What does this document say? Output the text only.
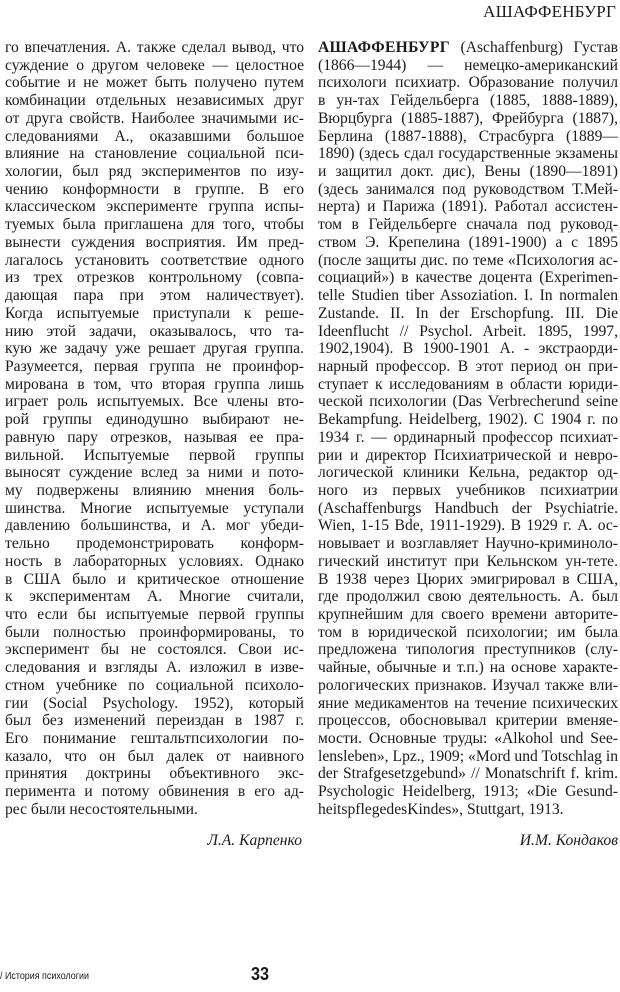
АШАФФЕНБУРГ
го впечатления. А. также сделал вывод, что
суждение о другом человеке — целостное
событие и не может быть получено путем
комбинации отдельных независимых друг
от друга свойств. Наиболее значимыми ис-
следованиями А., оказавшими большое
влияние на становление социальной пси-
хологии, был ряд экспериментов по изу-
чению конформности в группе. В его
классическом эксперименте группа испы-
туемых была приглашена для того, чтобы
вынести суждения восприятия. Им пред-
лагалось установить соответствие одного
из трех отрезков контрольному (совпа-
дающая пара при этом наличествует).
Когда испытуемые приступали к реше-
нию этой задачи, оказывалось, что та-
кую же задачу уже решает другая группа.
Разумеется, первая группа не проинфор-
мирована в том, что вторая группа лишь
играет роль испытуемых. Все члены вто-
рой группы единодушно выбирают не-
равную пару отрезков, называя ее пра-
вильной. Испытуемые первой группы
выносят суждение вслед за ними и пото-
му подвержены влиянию мнения боль-
шинства. Многие испытуемые уступали
давлению большинства, и А. мог убеди-
тельно продемонстрировать конформ-
ность в лабораторных условиях. Однако
в США было и критическое отношение
к экспериментам А. Многие считали,
что если бы испытуемые первой группы
были полностью проинформированы, то
эксперимент бы не состоялся. Свои ис-
следования и взгляды А. изложил в изве-
стном учебнике по социальной психоло-
гии (Social Psychology. 1952), который
был без изменений переиздан в 1987 г.
Его понимание гештальтпсихологии по-
казало, что он был далек от наивного
принятия доктрины объективного экс-
перимента и потому обвинения в его ад-
рес были несостоятельными.
Л.А. Карпенко
АШАФФЕНБУРГ (Aschaffenburg) Густав
(1866—1944) — немецко-американский
психологи психиатр. Образование получил
в ун-тах Гейдельберга (1885, 1888-1889),
Вюрцбурга (1885-1887), Фрейбурга (1887),
Берлина (1887-1888), Страсбурга (1889—
1890) (здесь сдал государственные экзамены
и защитил докт. дис), Вены (1890—1891)
(здесь занимался под руководством Т.Мей-
нерта) и Парижа (1891). Работал ассистен-
том в Гейдельберге сначала под руковод-
ством Э. Крепелина (1891-1900) а с 1895
(после защиты дис. по теме «Психология ас-
социаций») в качестве доцента (Experimen-
telle Studien tiber Assoziation. I. In normalen
Zustande. II. In der Erschopfung. III. Die
Ideenflucht // Psychol. Arbeit. 1895, 1997,
1902,1904). В 1900-1901 А. - экстраорди-
нарный профессор. В этот период он при-
ступает к исследованиям в области юриди-
ческой психологии (Das Verbrecherund seine
Bekampfung. Heidelberg, 1902). С 1904 г. по
1934 г. — ординарный профессор психиат-
рии и директор Психиатрической и невро-
логической клиники Кельна, редактор од-
ного из первых учебников психиатрии
(Aschaffenburgs Handbuch der Psychiatrie.
Wien, 1-15 Bde, 1911-1929). В 1929 г. А. ос-
новывает и возглавляет Научно-криминоло-
гический институт при Кельнском ун-тете.
В 1938 через Цюрих эмигрировал в США,
где продолжил свою деятельность. А. был
крупнейшим для своего времени авторите-
том в юридической психологии; им была
предложена типология преступников (слу-
чайные, обычные и т.п.) на основе характе-
рологических признаков. Изучал также вли-
яние медикаментов на течение психических
процессов, обосновывал критерии вменяе-
мости. Основные труды: «Alkohol und See-
lensleben», Lpz., 1909; «Mord und Totschlag in
der Strafgesetzgebund» // Monatschrift f. krim.
Psychologic Heidelberg, 1913; «Die Gesund-
heitspflegedesKindes», Stuttgart, 1913.
И.М. Кондаков
/ История психологии	33
